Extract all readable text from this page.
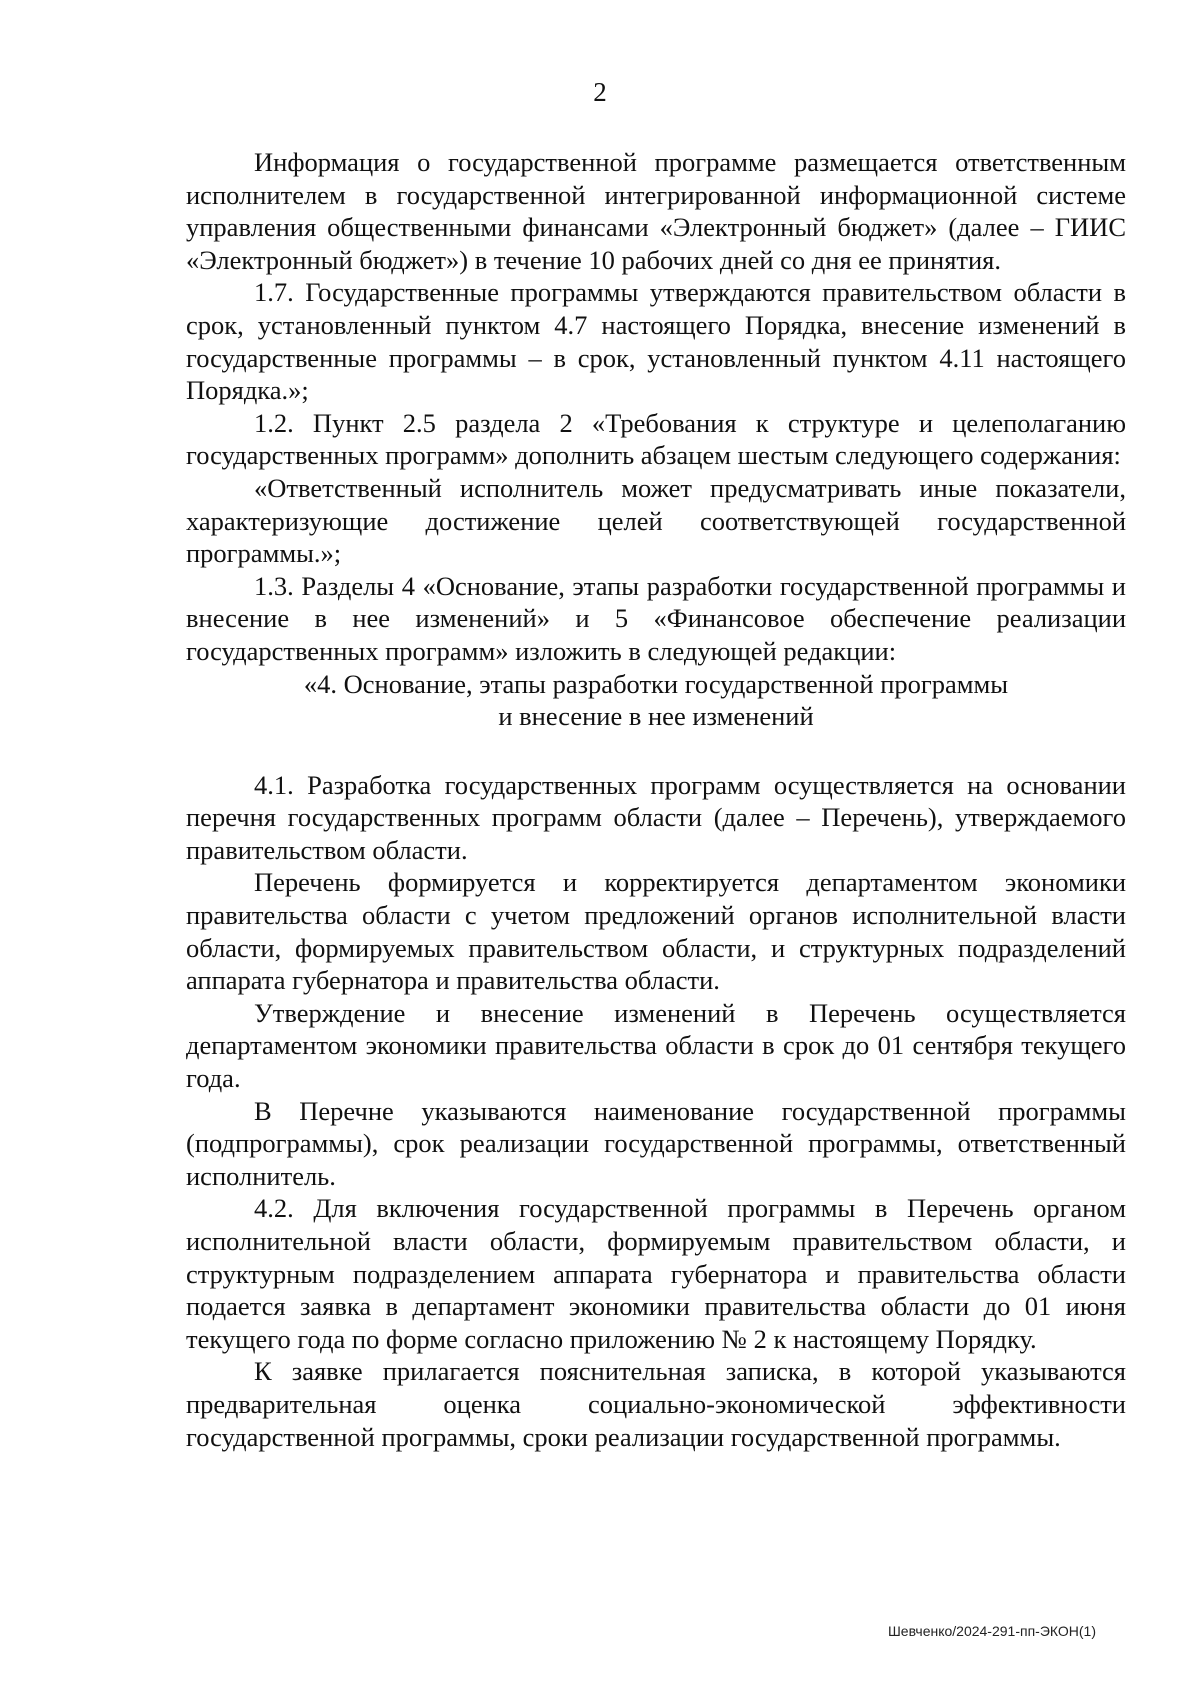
2

Информация о государственной программе размещается ответственным исполнителем в государственной интегрированной информационной системе управления общественными финансами «Электронный бюджет» (далее – ГИИС «Электронный бюджет») в течение 10 рабочих дней со дня ее принятия.

1.7. Государственные программы утверждаются правительством области в срок, установленный пунктом 4.7 настоящего Порядка, внесение изменений в государственные программы – в срок, установленный пунктом 4.11 настоящего Порядка.»;

1.2. Пункт 2.5 раздела 2 «Требования к структуре и целеполаганию государственных программ» дополнить абзацем шестым следующего содержания:

«Ответственный исполнитель может предусматривать иные показатели, характеризующие достижение целей соответствующей государственной программы.»;

1.3. Разделы 4 «Основание, этапы разработки государственной программы и внесение в нее изменений» и 5 «Финансовое обеспечение реализации государственных программ» изложить в следующей редакции:

«4. Основание, этапы разработки государственной программы

и внесение в нее изменений

4.1. Разработка государственных программ осуществляется на основании перечня государственных программ области (далее – Перечень), утверждаемого правительством области.

Перечень формируется и корректируется департаментом экономики правительства области с учетом предложений органов исполнительной власти области, формируемых правительством области, и структурных подразделений аппарата губернатора и правительства области.

Утверждение и внесение изменений в Перечень осуществляется департаментом экономики правительства области в срок до 01 сентября текущего года.

В Перечне указываются наименование государственной программы (подпрограммы), срок реализации государственной программы, ответственный исполнитель.

4.2. Для включения государственной программы в Перечень органом исполнительной власти области, формируемым правительством области, и структурным подразделением аппарата губернатора и правительства области подается заявка в департамент экономики правительства области до 01 июня текущего года по форме согласно приложению № 2 к настоящему Порядку.

К заявке прилагается пояснительная записка, в которой указываются предварительная оценка социально-экономической эффективности государственной программы, сроки реализации государственной программы.

Шевченко/2024-291-пп-ЭКОН(1)
